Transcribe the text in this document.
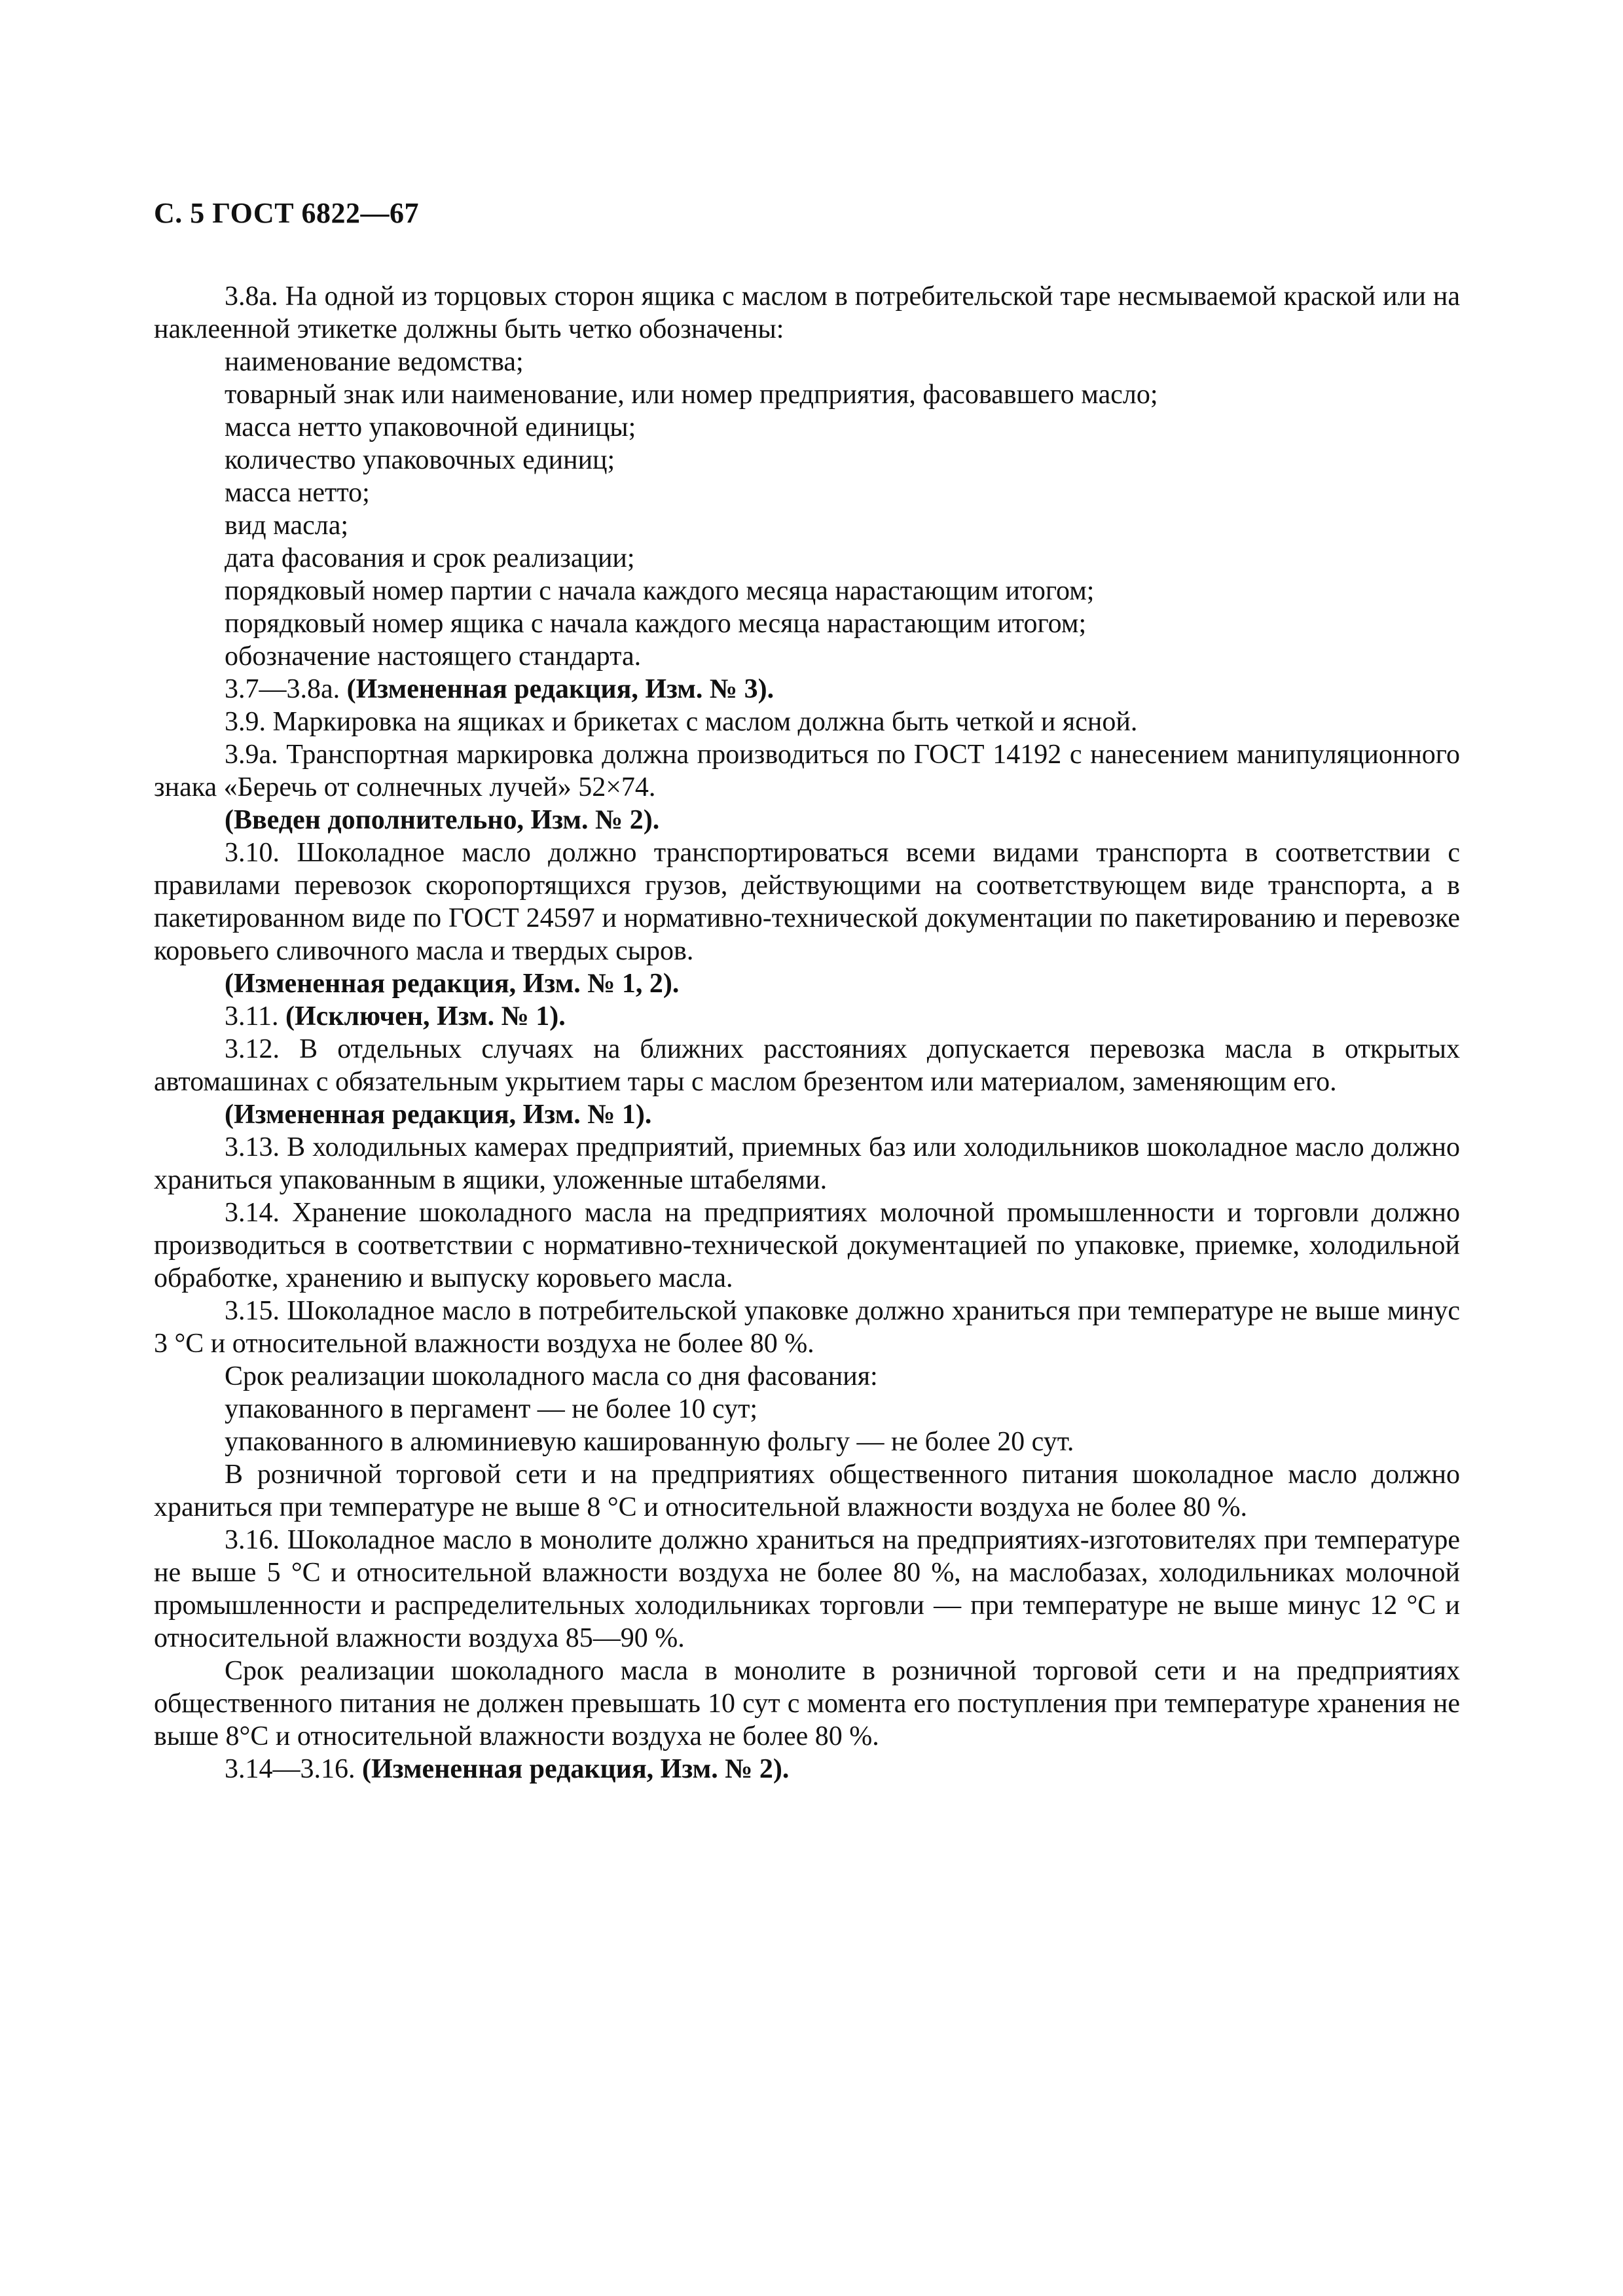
С. 5 ГОСТ 6822—67

3.8а. На одной из торцовых сторон ящика с маслом в потребительской таре несмываемой краской или на наклеенной этикетке должны быть четко обозначены:

наименование ведомства;

товарный знак или наименование, или номер предприятия, фасовавшего масло;

масса нетто упаковочной единицы;

количество упаковочных единиц;

масса нетто;

вид масла;

дата фасования и срок реализации;

порядковый номер партии с начала каждого месяца нарастающим итогом;

порядковый номер ящика с начала каждого месяца нарастающим итогом;

обозначение настоящего стандарта.

3.7—3.8а. (Измененная редакция, Изм. № 3).

3.9. Маркировка на ящиках и брикетах с маслом должна быть четкой и ясной.

3.9а. Транспортная маркировка должна производиться по ГОСТ 14192 с нанесением манипуляционного знака «Беречь от солнечных лучей» 52×74.

(Введен дополнительно, Изм. № 2).

3.10. Шоколадное масло должно транспортироваться всеми видами транспорта в соответствии с правилами перевозок скоропортящихся грузов, действующими на соответствующем виде транспорта, а в пакетированном виде по ГОСТ 24597 и нормативно-технической документации по пакетированию и перевозке коровьего сливочного масла и твердых сыров.

(Измененная редакция, Изм. № 1, 2).

3.11. (Исключен, Изм. № 1).

3.12. В отдельных случаях на ближних расстояниях допускается перевозка масла в открытых автомашинах с обязательным укрытием тары с маслом брезентом или материалом, заменяющим его.

(Измененная редакция, Изм. № 1).

3.13. В холодильных камерах предприятий, приемных баз или холодильников шоколадное масло должно храниться упакованным в ящики, уложенные штабелями.

3.14. Хранение шоколадного масла на предприятиях молочной промышленности и торговли должно производиться в соответствии с нормативно-технической документацией по упаковке, приемке, холодильной обработке, хранению и выпуску коровьего масла.

3.15. Шоколадное масло в потребительской упаковке должно храниться при температуре не выше минус 3 °С и относительной влажности воздуха не более 80 %.

Срок реализации шоколадного масла со дня фасования:

упакованного в пергамент — не более 10 сут;

упакованного в алюминиевую кашированную фольгу — не более 20 сут.

В розничной торговой сети и на предприятиях общественного питания шоколадное масло должно храниться при температуре не выше 8 °С и относительной влажности воздуха не более 80 %.

3.16. Шоколадное масло в монолите должно храниться на предприятиях-изготовителях при температуре не выше 5 °С и относительной влажности воздуха не более 80 %, на маслобазах, холодильниках молочной промышленности и распределительных холодильниках торговли — при температуре не выше минус 12 °С и относительной влажности воздуха 85—90 %.

Срок реализации шоколадного масла в монолите в розничной торговой сети и на предприятиях общественного питания не должен превышать 10 сут с момента его поступления при температуре хранения не выше 8°С и относительной влажности воздуха не более 80 %.

3.14—3.16. (Измененная редакция, Изм. № 2).
